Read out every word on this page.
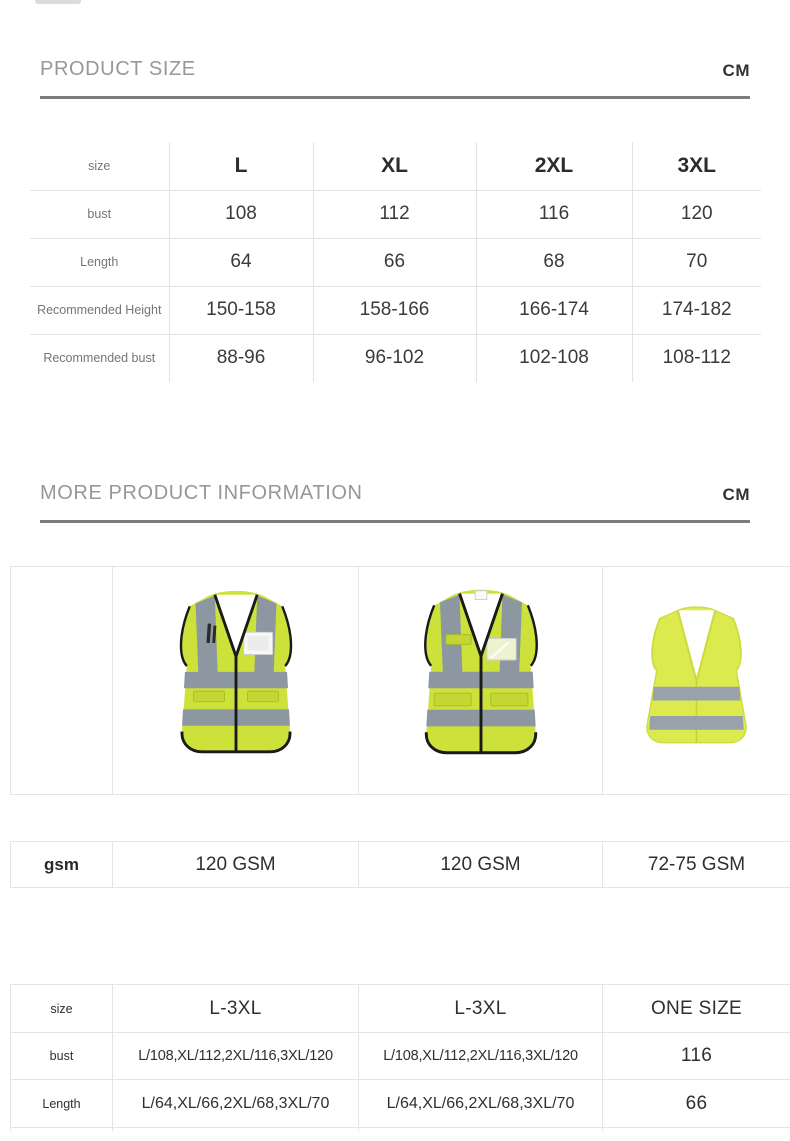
PRODUCT SIZE	CM
size	L	XL	2XL	3XL
bust	108	112	116	120
Length	64	66	68	70
Recommended Height	150-158	158-166	166-174	174-182
Recommended bust	88-96	96-102	102-108	108-112
MORE PRODUCT INFORMATION	CM
gsm	120 GSM	120 GSM	72-75 GSM
size	L-3XL	L-3XL	ONE SIZE
bust	L/108,XL/112,2XL/116,3XL/120	L/108,XL/112,2XL/116,3XL/120	116
Length	L/64,XL/66,2XL/68,3XL/70	L/64,XL/66,2XL/68,3XL/70	66
